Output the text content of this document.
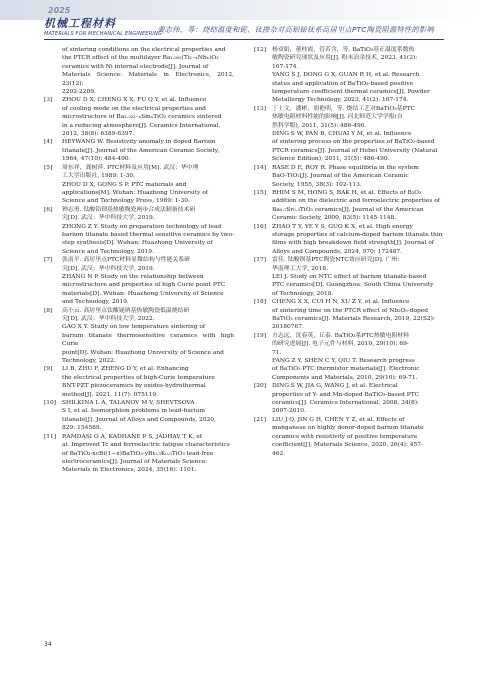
2025
机械工程材料
MATERIALS FOR MECHANICAL ENGINEERING
裴志伟，等：烧结温度和铌、钛掺杂对高铝铋钛系高居里点PTC陶瓷阻温特性的影响
of sintering conditions on the electrical properties and
the PTCR effect of the multilayer Ba₁.₀₀₂(Ti₁₋ₓNbₓ)O₃
ceramics with Ni internal electrode[J]. Journal of
Materials Science: Materials in Electronics, 2012, 23(12):
2202-2209.
[3]	ZHOU D X, CHENG X X, FU Q Y, et al. Influence
of cooling mode on the electrical properties and
microstructure of Ba₁.₀₂₂₋ₓSmₓTiO₃ ceramics sintered
in a reducing atmosphere[J]. Ceramics International,
2012, 38(8): 6389-6397.
[4]	HEYWANG W. Resistivity anomaly in doped Barium
titanate[J]. Journal of the American Ceramic Society,
1964, 47(10): 484-490.
[5]	周东祥，龚树萍. PTC材料及应用[M]. 武汉：华中理
工大学出版社, 1989: 1-30.
ZHOU D X, GONG S P. PTC materials and
applications[M]. Wuhan: Huazhong University of
Science and Technology Press, 1989: 1-30.
[6]	钟志勇. 钛酸铅钡基热敏陶瓷两步合成法制备技术研
究[D]. 武汉：华中科技大学, 2019.
ZHONG Z Y. Study on preparation technology of lead
barium titanate based thermal sensitive ceramics by two-
step synthesis[D]. Wuhan: Huazhong University of
Science and Technology, 2019.
[7]	张南平. 高居里点PTC材料显微结构与性能关系研
究[D]. 武汉：华中科技大学, 2019.
ZHANG N P. Study on the relationship between
microstructure and properties of high Curie point PTC
materials[D]. Wuhan: Huazhong University of Science
and Technology, 2019.
[8]	高小云. 高居里点钛酸铋钠基热敏陶瓷低温烧结研
究[D]. 武汉：华中科技大学, 2022.
GAO X Y. Study on low temperature sintering of
barium titanate thermosensitive ceramics with high Curie
point[D]. Wuhan: Huazhong University of Science and
Technology, 2022.
[9]	LI B, ZHU F, ZHENG D Y, et al. Enhancing
the electrical properties of high-Curie temperature
BNT-PZT piezoceramics by oxides-hydrothermal
method[J]. 2021, 11(7): 075119.
[10]	SHILKINA L A, TALANOV M V, SHEVTSOVA
S I, et al. Isomorphism problems in lead-barium
titanate[J]. Journal of Alloys and Compounds, 2020,
829: 154589.
[11]	RAMDASI O A, KADHANE P S, JADHAV T K, et
al. Improved Tc and ferroelectric fatigue characteristics
of BaTiO₃-xcBi(1−x)BaTiO₃-yBi₀.₅K₀.₅TiO₃ lead-free
electroceramics[J]. Journal of Materials Science:
Materials in Electronics, 2024, 35(16): 1101.
[12]	杨双娟，董桂霞，管若含，等. BaTiO₃基正温度系数热
敏陶瓷研究现状及应用[J]. 粉末冶金技术, 2023, 41(2):
167-174.
YANG S J, DONG G X, GUAN R H, et al. Research
status and application of BaTiO₃-based positive
temperature coefficient thermal ceramics[J]. Powder
Metallurgy Technology, 2023, 41(2): 167-174.
[13]	丁士文，潘彬，胡艳明，等. 烧结工艺对BaTiO₃基PTC
热敏电阻材料性能的影响[J]. 河北师范大学学报(自
然科学版), 2011, 31(5): 486-490.
DING S W, PAN B, CHUAI Y M, et al. Influence
of sintering process on the properties of BaTiO₃-based
PTCR ceramics[J]. Journal of Hebei University (Natural
Science Edition), 2011, 31(5): 486-490.
[14]	RASE D E, ROY R. Phase equilibria in the system
BaO-TiO₂[J]. Journal of the American Ceramic
Society, 1955, 38(3): 102-113.
[15]	RHIM S M, HONG S, BAK H, et al. Effects of B₂O₃
addition on the dielectric and ferroelectric properties of
Ba₀.₇Sr₀.₃TiO₃ ceramics[J]. Journal of the American
Ceramic Society, 2000, 83(5): 1145-1148.
[16]	ZHAO T Y, YE Y S, GUO K X, et al. High energy
storage properties of calcium-doped barium titanate thin
films with high breakdown field strength[J]. Journal of
Alloys and Compounds, 2024, 970: 172487.
[17]	雷佳. 钛酸钡基PTC陶瓷NTC效应研究[D]. 广州:
华南理工大学, 2018.
LEI J. Study on NTC effect of barium titanate-based
PTC ceramics[D]. Guangzhou: South China University
of Technology, 2018.
[18]	CHENG X X, CUI H N, XU Z Y, et al. Influence
of sintering time on the PTCR effect of Nb₂O₅-doped
BaTiO₃ ceramics[J]. Materials Research, 2019, 22(S2):
20180767.
[19]	方志远，沈春英，丘泰. BaTiO₃系PTC热敏电阻材料
的研究进展[J]. 电子元件与材料, 2010, 29(10): 69-
71.
FANG Z Y, SHEN C Y, QIU T. Research progress
of BaTiO₃ PTC thermistor materials[J]. Electronic
Components and Materials, 2010, 29(10): 69-71.
[20]	DING S W, JIA G, WANG J, et al. Electrical
properties of Y- and Mn-doped BaTiO₃-based PTC
ceramics[J]. Ceramics International, 2008, 34(8):
2007-2010.
[21]	LIU J Q, JIN G H, CHEN Y Z, et al. Effects of
manganese on highly donor-doped barium titanate
ceramics with resistivity of positive temperature
coefficient[J]. Materials Science, 2020, 26(4): 457-
462.
34
